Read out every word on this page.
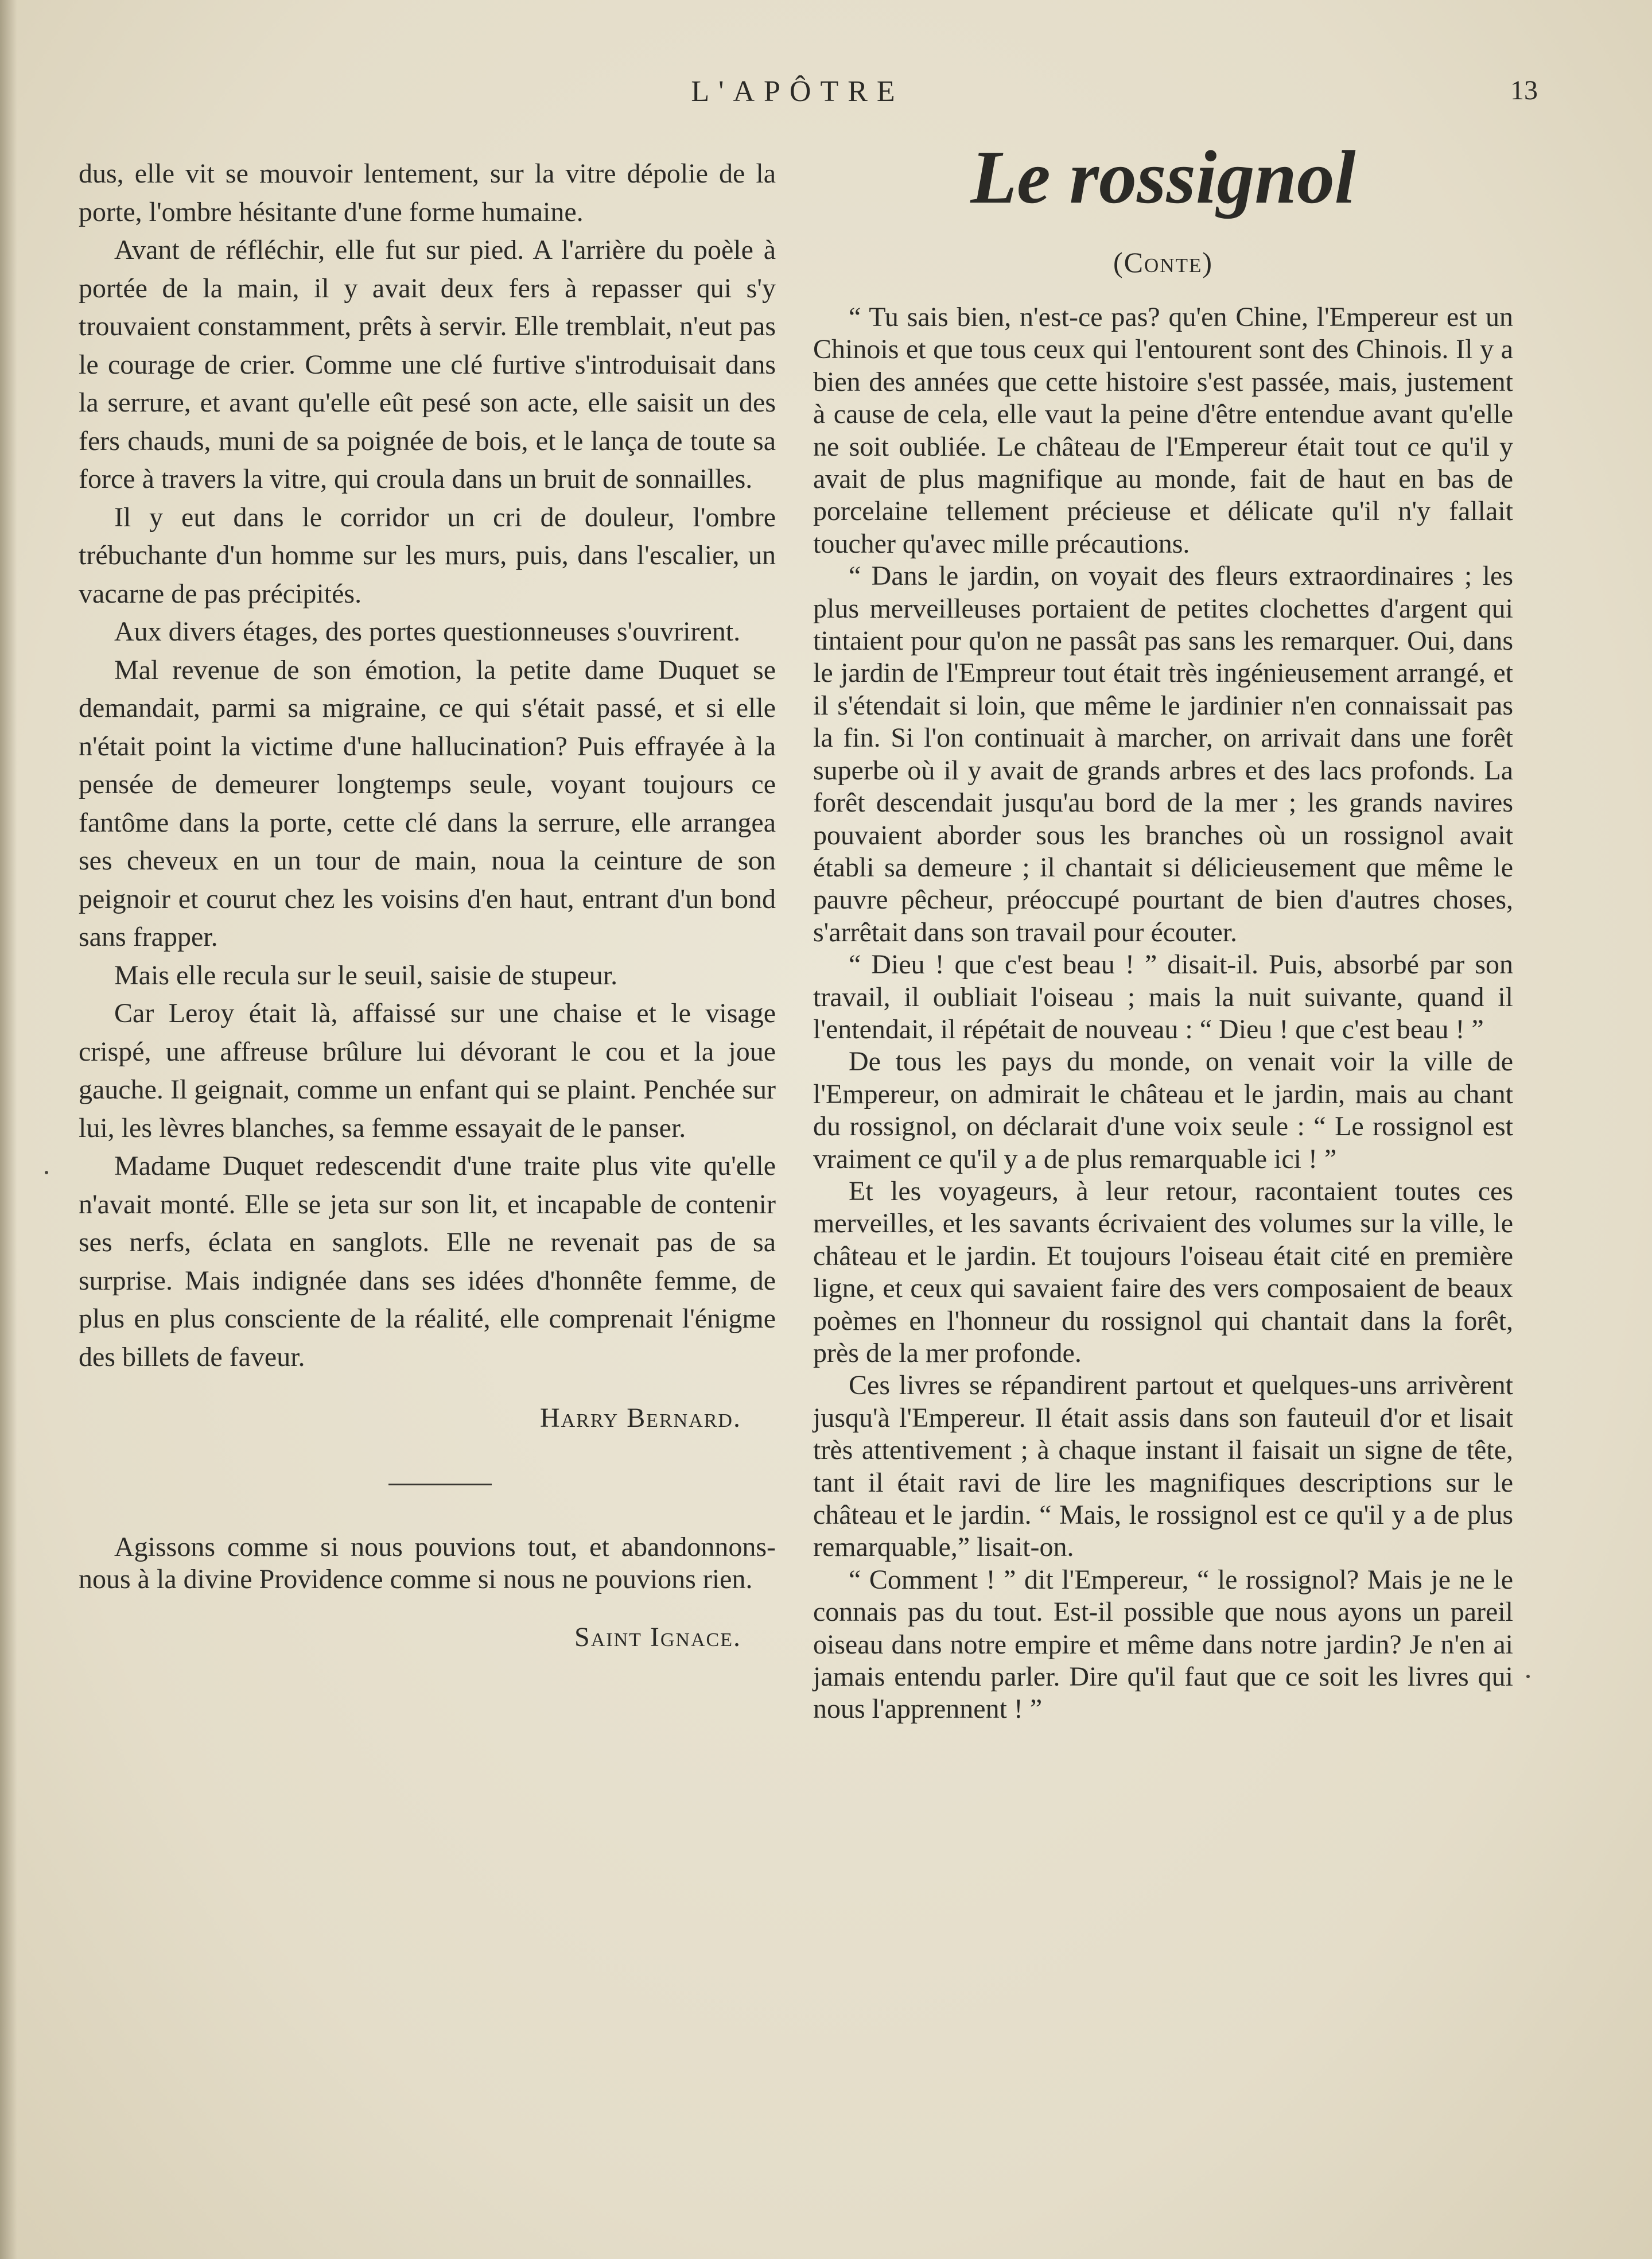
L'APÔTRE	13

dus, elle vit se mouvoir lentement, sur la vitre dépolie de la porte, l'ombre hésitante d'une forme humaine.

Avant de réfléchir, elle fut sur pied. A l'arrière du poèle à portée de la main, il y avait deux fers à repasser qui s'y trouvaient constamment, prêts à servir. Elle tremblait, n'eut pas le courage de crier. Comme une clé furtive s'introduisait dans la serrure, et avant qu'elle eût pesé son acte, elle saisit un des fers chauds, muni de sa poignée de bois, et le lança de toute sa force à travers la vitre, qui croula dans un bruit de sonnailles.

Il y eut dans le corridor un cri de douleur, l'ombre trébuchante d'un homme sur les murs, puis, dans l'escalier, un vacarne de pas précipités.

Aux divers étages, des portes questionneuses s'ouvrirent.

Mal revenue de son émotion, la petite dame Duquet se demandait, parmi sa migraine, ce qui s'était passé, et si elle n'était point la victime d'une hallucination? Puis effrayée à la pensée de demeurer longtemps seule, voyant toujours ce fantôme dans la porte, cette clé dans la serrure, elle arrangea ses cheveux en un tour de main, noua la ceinture de son peignoir et courut chez les voisins d'en haut, entrant d'un bond sans frapper.

Mais elle recula sur le seuil, saisie de stupeur.

Car Leroy était là, affaissé sur une chaise et le visage crispé, une affreuse brûlure lui dévorant le cou et la joue gauche. Il geignait, comme un enfant qui se plaint. Penchée sur lui, les lèvres blanches, sa femme essayait de le panser.

Madame Duquet redescendit d'une traite plus vite qu'elle n'avait monté. Elle se jeta sur son lit, et incapable de contenir ses nerfs, éclata en sanglots. Elle ne revenait pas de sa surprise. Mais indignée dans ses idées d'honnête femme, de plus en plus consciente de la réalité, elle comprenait l'énigme des billets de faveur.

Harry Bernard.

Agissons comme si nous pouvions tout, et abandonnons-nous à la divine Providence comme si nous ne pouvions rien.

Saint Ignace.

Le rossignol
(Conte)

“ Tu sais bien, n'est-ce pas? qu'en Chine, l'Empereur est un Chinois et que tous ceux qui l'entourent sont des Chinois. Il y a bien des années que cette histoire s'est passée, mais, justement à cause de cela, elle vaut la peine d'être entendue avant qu'elle ne soit oubliée. Le château de l'Empereur était tout ce qu'il y avait de plus magnifique au monde, fait de haut en bas de porcelaine tellement précieuse et délicate qu'il n'y fallait toucher qu'avec mille précautions.

“ Dans le jardin, on voyait des fleurs extraordinaires ; les plus merveilleuses portaient de petites clochettes d'argent qui tintaient pour qu'on ne passât pas sans les remarquer. Oui, dans le jardin de l'Empreur tout était très ingénieusement arrangé, et il s'étendait si loin, que même le jardinier n'en connaissait pas la fin. Si l'on continuait à marcher, on arrivait dans une forêt superbe où il y avait de grands arbres et des lacs profonds. La forêt descendait jusqu'au bord de la mer ; les grands navires pouvaient aborder sous les branches où un rossignol avait établi sa demeure ; il chantait si délicieusement que même le pauvre pêcheur, préoccupé pourtant de bien d'autres choses, s'arrêtait dans son travail pour écouter.

“ Dieu ! que c'est beau ! ” disait-il. Puis, absorbé par son travail, il oubliait l'oiseau ; mais la nuit suivante, quand il l'entendait, il répétait de nouveau : “ Dieu ! que c'est beau ! ”

De tous les pays du monde, on venait voir la ville de l'Empereur, on admirait le château et le jardin, mais au chant du rossignol, on déclarait d'une voix seule : “ Le rossignol est vraiment ce qu'il y a de plus remarquable ici ! ”

Et les voyageurs, à leur retour, racontaient toutes ces merveilles, et les savants écrivaient des volumes sur la ville, le château et le jardin. Et toujours l'oiseau était cité en première ligne, et ceux qui savaient faire des vers composaient de beaux poèmes en l'honneur du rossignol qui chantait dans la forêt, près de la mer profonde.

Ces livres se répandirent partout et quelques-uns arrivèrent jusqu'à l'Empereur. Il était assis dans son fauteuil d'or et lisait très attentivement ; à chaque instant il faisait un signe de tête, tant il était ravi de lire les magnifiques descriptions sur le château et le jardin. “ Mais, le rossignol est ce qu'il y a de plus remarquable,” lisait-on.

“ Comment ! ” dit l'Empereur, “ le rossignol? Mais je ne le connais pas du tout. Est-il possible que nous ayons un pareil oiseau dans notre empire et même dans notre jardin? Je n'en ai jamais entendu parler. Dire qu'il faut que ce soit les livres qui nous l'apprennent ! ”
